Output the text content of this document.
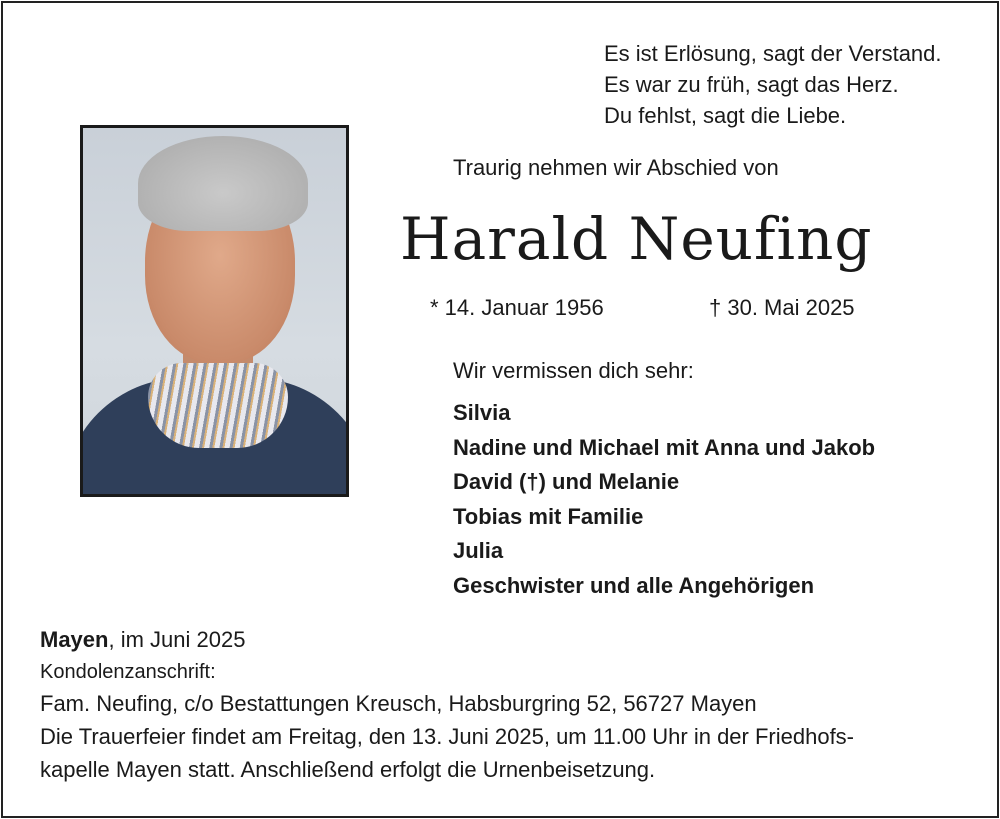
Es ist Erlösung, sagt der Verstand.
Es war zu früh, sagt das Herz.
Du fehlst, sagt die Liebe.
Traurig nehmen wir Abschied von
Harald Neufing
* 14. Januar 1956	† 30. Mai 2025
Wir vermissen dich sehr:
Silvia
Nadine und Michael mit Anna und Jakob
David (†) und Melanie
Tobias mit Familie
Julia
Geschwister und alle Angehörigen
Mayen, im Juni 2025
Kondolenzanschrift:
Fam. Neufing, c/o Bestattungen Kreusch, Habsburgring 52, 56727 Mayen
Die Trauerfeier findet am Freitag, den 13. Juni 2025, um 11.00 Uhr in der Friedhofs-
kapelle Mayen statt. Anschließend erfolgt die Urnenbeisetzung.
